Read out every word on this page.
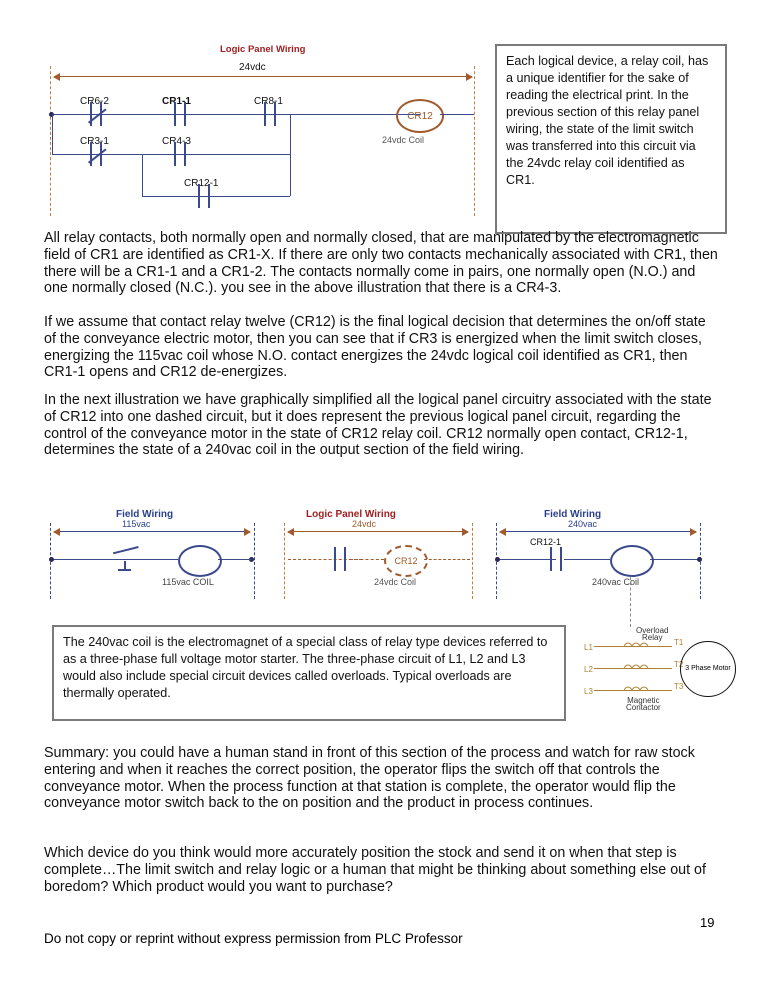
Logic Panel Wiring
24vdc
CR6-2	CR1-1	CR8-1
CR12
24vdc Coil
CR3-1	CR4-3
CR12-1
Each logical device, a relay coil, has a unique identifier for the sake of reading the electrical print. In the previous section of this relay panel wiring, the state of the limit switch was transferred into this circuit via the 24vdc relay coil identified as CR1.
All relay contacts, both normally open and normally closed, that are manipulated by the electromagnetic field of CR1 are identified as CR1-X. If there are only two contacts mechanically associated with CR1, then there will be a CR1-1 and a CR1-2. The contacts normally come in pairs, one normally open (N.O.) and one normally closed (N.C.). you see in the above illustration that there is a CR4-3.
If we assume that contact relay twelve (CR12) is the final logical decision that determines the on/off state of the conveyance electric motor, then you can see that if CR3 is energized when the limit switch closes, energizing the 115vac coil whose N.O. contact energizes the 24vdc logical coil identified as CR1, then CR1-1 opens and CR12 de-energizes.
In the next illustration we have graphically simplified all the logical panel circuitry associated with the state of CR12 into one dashed circuit, but it does represent the previous logical panel circuit, regarding the control of the conveyance motor in the state of CR12 relay coil. CR12 normally open contact, CR12-1, determines the state of a 240vac coil in the output section of the field wiring.
Field Wiring	Logic Panel Wiring	Field Wiring
115vac
115vac COIL
24vdc
CR12
24vdc Coil
240vac
CR12-1
240vac Coil
Overload
Relay
Magnetic
Contactor
L1
L2
L3
T1
T2
T3
3 Phase Motor
The 240vac coil is the electromagnet of a special class of relay type devices referred to as a three-phase full voltage motor starter. The three-phase circuit of L1, L2 and L3 would also include special circuit devices called overloads. Typical overloads are thermally operated.
Summary: you could have a human stand in front of this section of the process and watch for raw stock entering and when it reaches the correct position, the operator flips the switch off that controls the conveyance motor. When the process function at that station is complete, the operator would flip the conveyance motor switch back to the on position and the product in process continues.
Which device do you think would more accurately position the stock and send it on when that step is complete…The limit switch and relay logic or a human that might be thinking about something else out of boredom? Which product would you want to purchase?
19
Do not copy or reprint without express permission from PLC Professor
